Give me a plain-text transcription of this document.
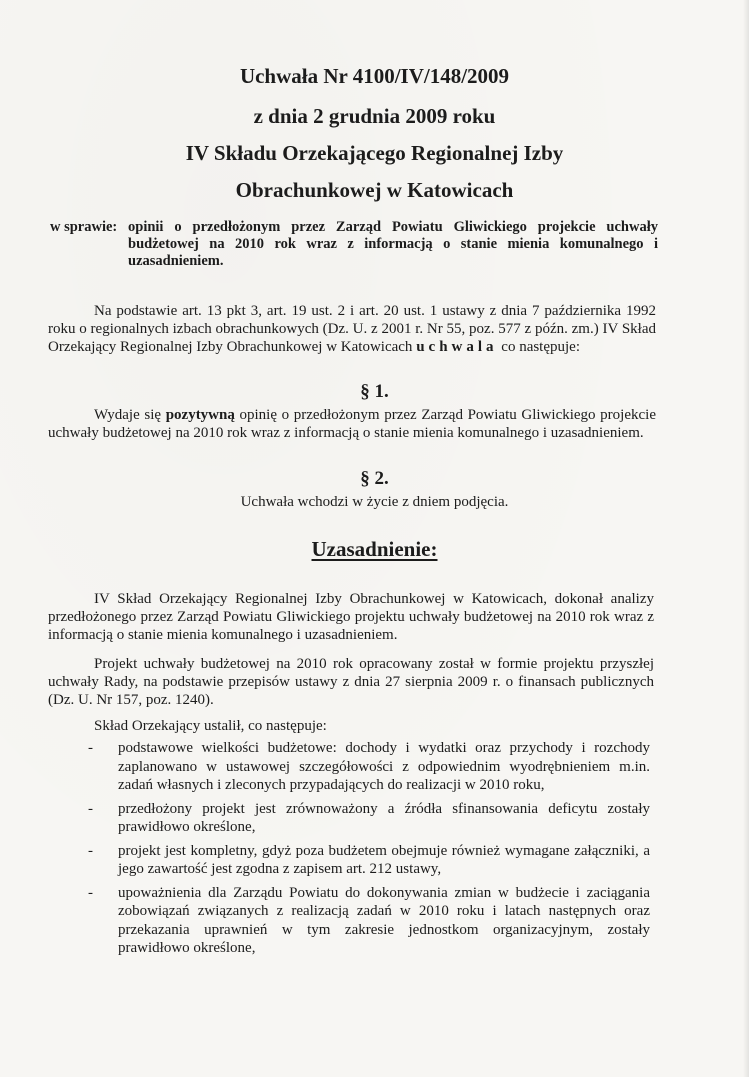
Uchwała Nr 4100/IV/148/2009
z dnia 2 grudnia 2009 roku
IV Składu Orzekającego Regionalnej Izby
Obrachunkowej w Katowicach
w sprawie: opinii o przedłożonym przez Zarząd Powiatu Gliwickiego projekcie uchwały budżetowej na 2010 rok wraz z informacją o stanie mienia komunalnego i uzasadnieniem.
Na podstawie art. 13 pkt 3, art. 19 ust. 2 i art. 20 ust. 1 ustawy z dnia 7 października 1992 roku o regionalnych izbach obrachunkowych (Dz. U. z 2001 r. Nr 55, poz. 577 z późn. zm.) IV Skład Orzekający Regionalnej Izby Obrachunkowej w Katowicach uchwala co następuje:
§ 1.
Wydaje się pozytywną opinię o przedłożonym przez Zarząd Powiatu Gliwickiego projekcie uchwały budżetowej na 2010 rok wraz z informacją o stanie mienia komunalnego i uzasadnieniem.
§ 2.
Uchwała wchodzi w życie z dniem podjęcia.
Uzasadnienie:
IV Skład Orzekający Regionalnej Izby Obrachunkowej w Katowicach, dokonał analizy przedłożonego przez Zarząd Powiatu Gliwickiego projektu uchwały budżetowej na 2010 rok wraz z informacją o stanie mienia komunalnego i uzasadnieniem.
Projekt uchwały budżetowej na 2010 rok opracowany został w formie projektu przyszłej uchwały Rady, na podstawie przepisów ustawy z dnia 27 sierpnia 2009 r. o finansach publicznych (Dz. U. Nr 157, poz. 1240).
Skład Orzekający ustalił, co następuje:
- podstawowe wielkości budżetowe: dochody i wydatki oraz przychody i rozchody zaplanowano w ustawowej szczegółowości z odpowiednim wyodrębnieniem m.in. zadań własnych i zleconych przypadających do realizacji w 2010 roku,
- przedłożony projekt jest zrównoważony a źródła sfinansowania deficytu zostały prawidłowo określone,
- projekt jest kompletny, gdyż poza budżetem obejmuje również wymagane załączniki, a jego zawartość jest zgodna z zapisem art. 212 ustawy,
- upoważnienia dla Zarządu Powiatu do dokonywania zmian w budżecie i zaciągania zobowiązań związanych z realizacją zadań w 2010 roku i latach następnych oraz przekazania uprawnień w tym zakresie jednostkom organizacyjnym, zostały prawidłowo określone,
